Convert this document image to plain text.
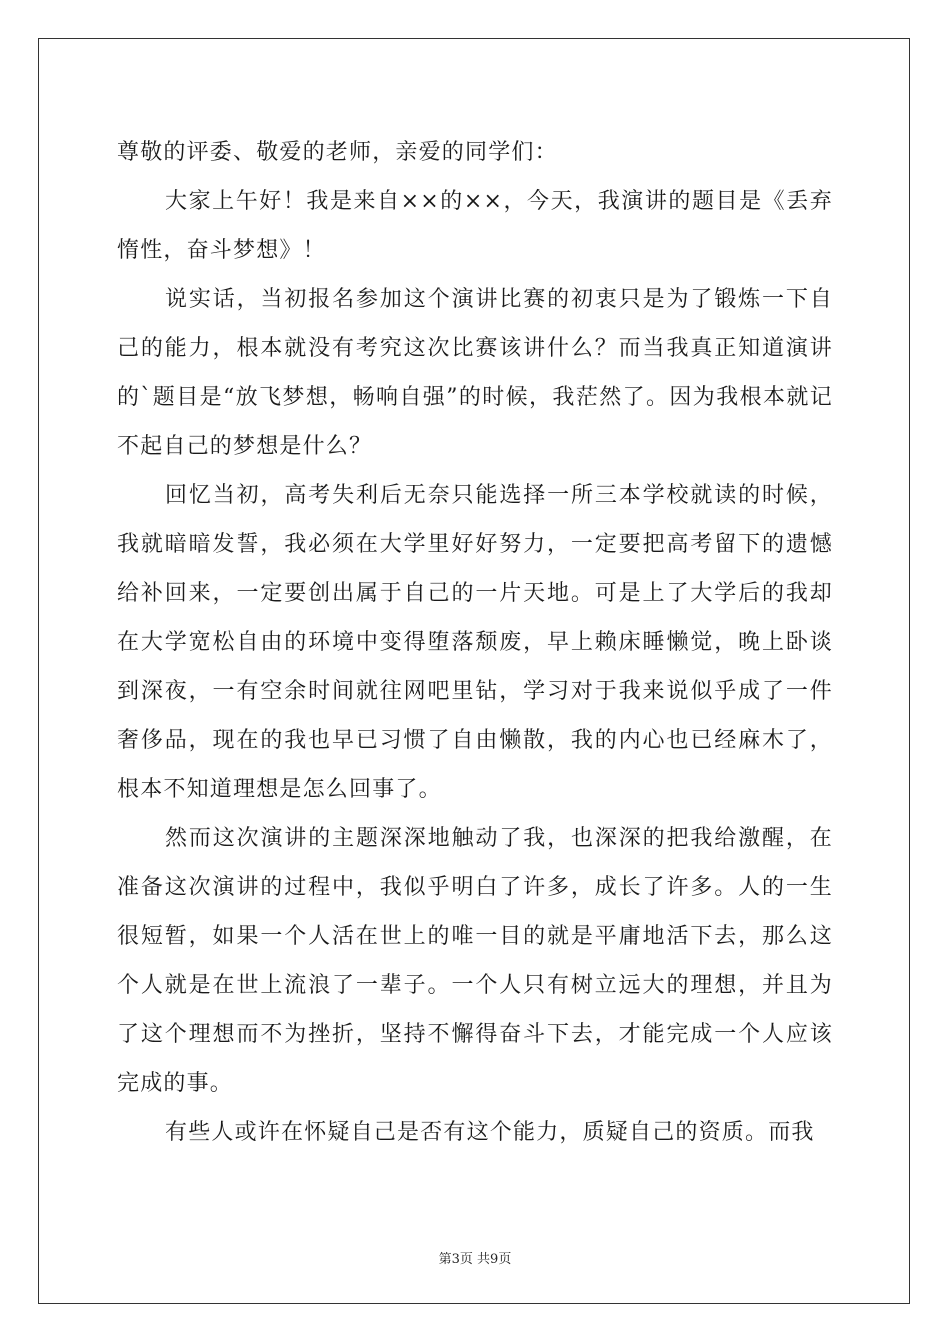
尊敬的评委、敬爱的老师，亲爱的同学们：

大家上午好！我是来自××的××，今天，我演讲的题目是《丢弃惰性，奋斗梦想》！

说实话，当初报名参加这个演讲比赛的初衷只是为了锻炼一下自己的能力，根本就没有考究这次比赛该讲什么？而当我真正知道演讲的`题目是“放飞梦想，畅响自强”的时候，我茫然了。因为我根本就记不起自己的梦想是什么？

回忆当初，高考失利后无奈只能选择一所三本学校就读的时候，我就暗暗发誓，我必须在大学里好好努力，一定要把高考留下的遗憾给补回来，一定要创出属于自己的一片天地。可是上了大学后的我却在大学宽松自由的环境中变得堕落颓废，早上赖床睡懒觉，晚上卧谈到深夜，一有空余时间就往网吧里钻，学习对于我来说似乎成了一件奢侈品，现在的我也早已习惯了自由懒散，我的内心也已经麻木了，根本不知道理想是怎么回事了。

然而这次演讲的主题深深地触动了我，也深深的把我给激醒，在准备这次演讲的过程中，我似乎明白了许多，成长了许多。人的一生很短暂，如果一个人活在世上的唯一目的就是平庸地活下去，那么这个人就是在世上流浪了一辈子。一个人只有树立远大的理想，并且为了这个理想而不为挫折，坚持不懈得奋斗下去，才能完成一个人应该完成的事。

有些人或许在怀疑自己是否有这个能力，质疑自己的资质。而我

第3页 共9页
